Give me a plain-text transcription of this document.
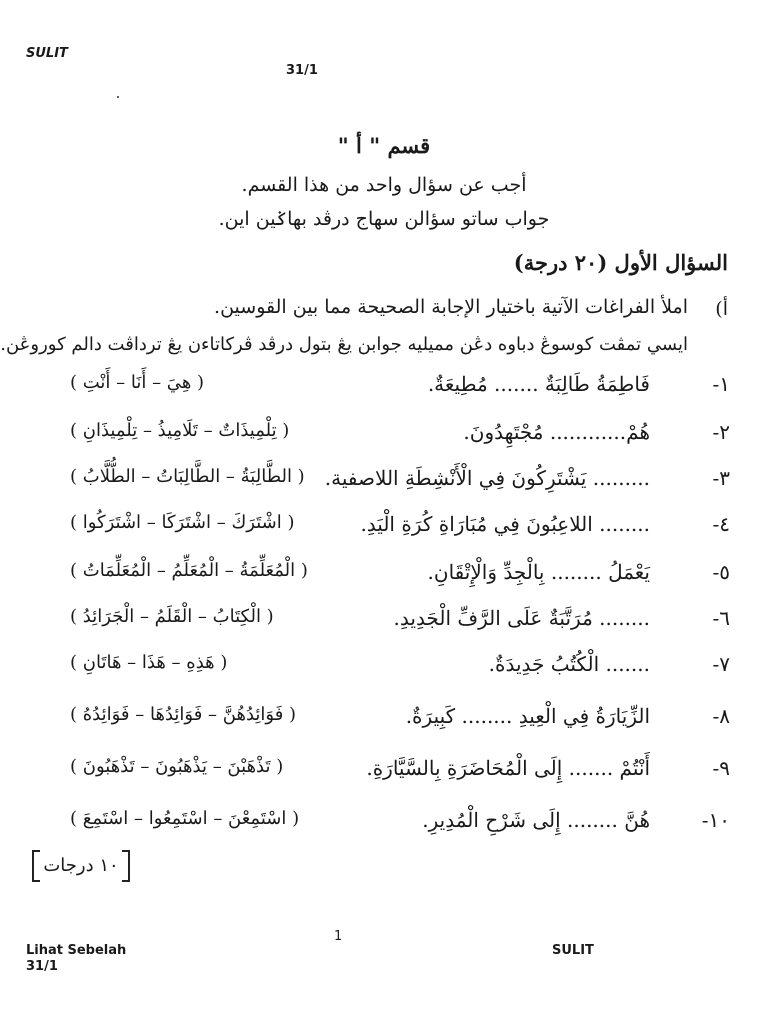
SULIT
31/1
قسم " أ "
أجب عن سؤال واحد من هذا القسم.
جواب ساتو سؤالن سهاج درڤد بهاݢين اين.
السؤال الأول (٢٠ درجة)
أ)
املأ الفراغات الآتية باختيار الإجابة الصحيحة مما بين القوسين.
ايسي تمڤت كوسوڠ دباوه دڠن مميليه جوابن يڠ بتول درڤد ڤركاتاءن يڠ ترداڤت دالم کوروڠن.
١-
فَاطِمَةُ طَالِبَةٌ ....... مُطِيعَةٌ.
( هِيَ – أَنَا – أَنْتِ )
٢-
هُمْ............ مُجْتَهِدُونَ.
( تِلْمِيذَاتٌ – تَلَامِيذُ – تِلْمِيذَانِ )
٣-
......... يَشْتَرِكُونَ فِي الْأَنْشِطَةِ اللاصفية.
( الطَّالِبَةُ – الطَّالِبَاتُ – الطُّلَّابُ )
٤-
........ اللاعِبُونَ فِي مُبَارَاةِ كُرَةِ الْيَدِ.
( اشْتَرَكَ – اشْتَرَكَا – اشْتَرَكُوا )
٥-
يَعْمَلُ ........ بِالْجِدِّ وَالْإِتْقَانِ.
( الْمُعَلِّمَةُ – الْمُعَلِّمُ – الْمُعَلِّمَاتُ )
٦-
........ مُرَتَّبَةٌ عَلَى الرَّفِّ الْجَدِيدِ.
( الْكِتَابُ – الْقَلَمُ – الْجَرَائِدُ )
٧-
....... الْكُتُبُ جَدِيدَةٌ.
( هَذِهِ – هَذَا – هَاتَانِ )
٨-
الزِّيَارَةُ فِي الْعِيدِ ........ كَبِيرَةٌ.
( فَوَائِدُهُنَّ – فَوَائِدُهَا – فَوَائِدُهُ )
٩-
أَنْتُمْ ....... إِلَى الْمُحَاضَرَةِ بِالسَّيَّارَةِ.
( تَذْهَبْنَ – يَذْهَبُونَ – تَذْهَبُونَ )
١٠-
هُنَّ ........ إِلَى شَرْحِ الْمُدِيرِ.
( اسْتَمِعْنَ – اسْتَمِعُوا – اسْتَمِعَ )
١٠ درجات
1
Lihat Sebelah	SULIT
31/1
